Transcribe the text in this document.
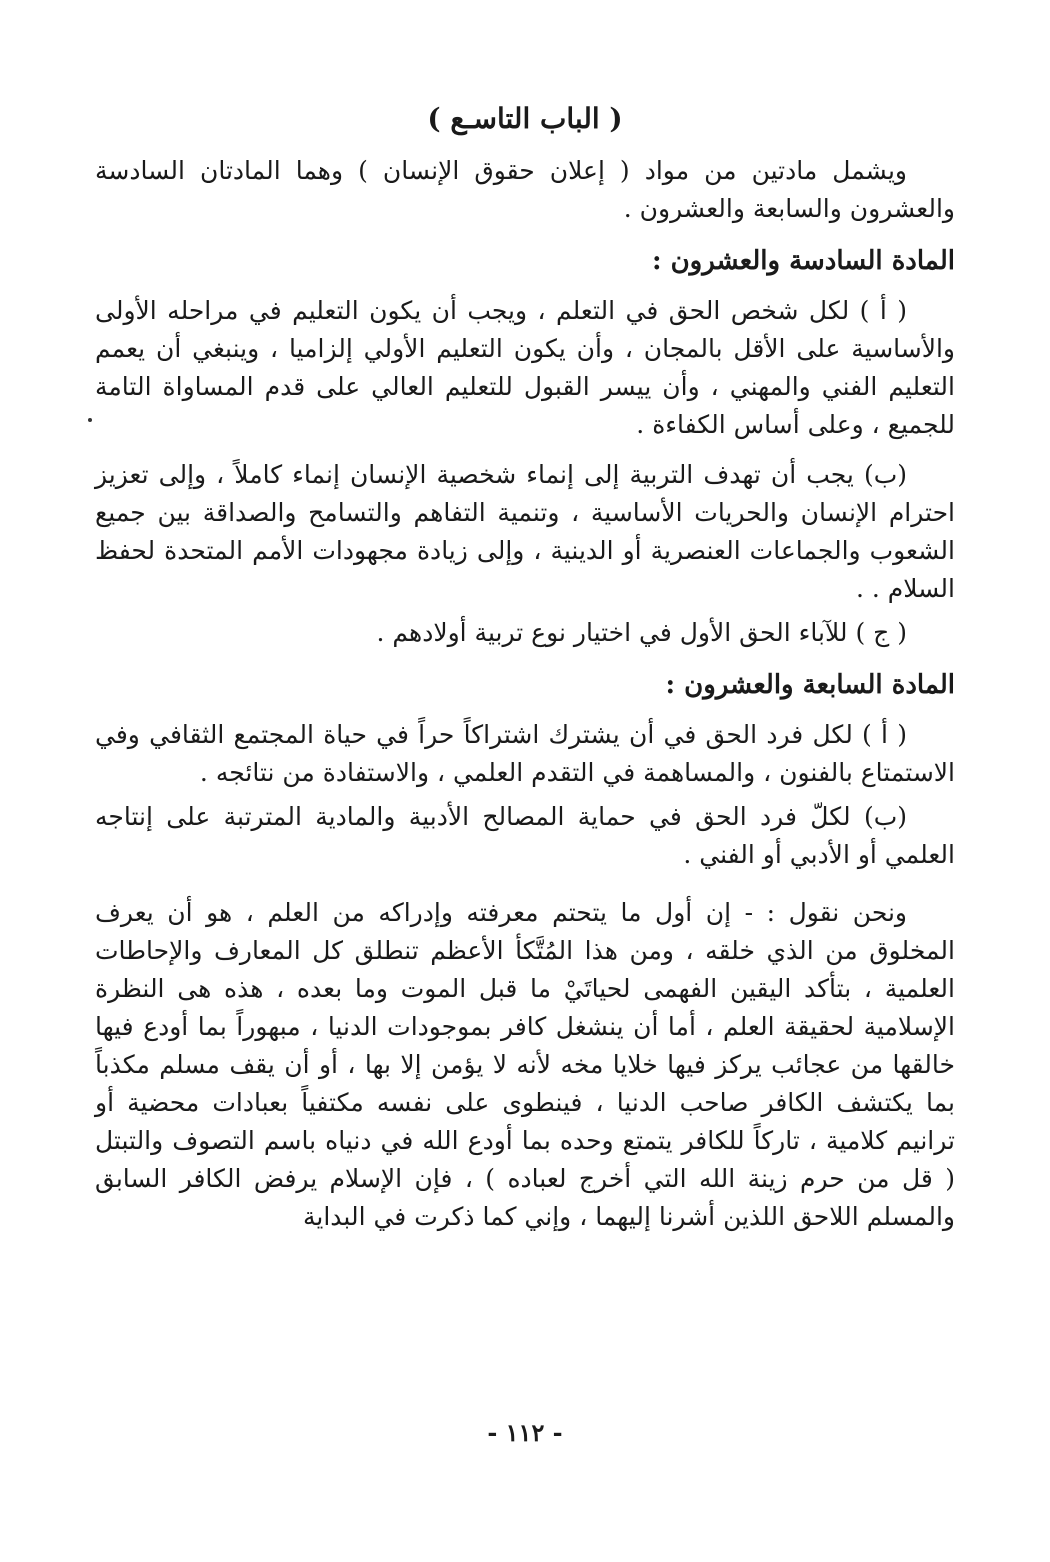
( الباب التاسـع )

ويشمل مادتين من مواد ( إعلان حقوق الإنسان ) وهما المادتان السادسة والعشرون والسابعة والعشرون .

المادة السادسة والعشرون :

( أ ) لكل شخص الحق في التعلم ، ويجب أن يكون التعليم في مراحله الأولى والأساسية على الأقل بالمجان ، وأن يكون التعليم الأولي إلزاميا ، وينبغي أن يعمم التعليم الفني والمهني ، وأن ييسر القبول للتعليم العالي على قدم المساواة التامة للجميع ، وعلى أساس الكفاءة .

(ب) يجب أن تهدف التربية إلى إنماء شخصية الإنسان إنماء كاملاً ، وإلى تعزيز احترام الإنسان والحريات الأساسية ، وتنمية التفاهم والتسامح والصداقة بين جميع الشعوب والجماعات العنصرية أو الدينية ، وإلى زيادة مجهودات الأمم المتحدة لحفظ السلام . .

( ج ) للآباء الحق الأول في اختيار نوع تربية أولادهم .

المادة السابعة والعشرون :

( أ ) لكل فرد الحق في أن يشترك اشتراكاً حراً في حياة المجتمع الثقافي وفي الاستمتاع بالفنون ، والمساهمة في التقدم العلمي ، والاستفادة من نتائجه .

(ب) لكلّ فرد الحق في حماية المصالح الأدبية والمادية المترتبة على إنتاجه العلمي أو الأدبي أو الفني .

ونحن نقول : - إن أول ما يتحتم معرفته وإدراكه من العلم ، هو أن يعرف المخلوق من الذي خلقه ، ومن هذا المُتَّكأ الأعظم تنطلق كل المعارف والإحاطات العلمية ، بتأكد اليقين الفهمى لحياتَيْ ما قبل الموت وما بعده ، هذه هى النظرة الإسلامية لحقيقة العلم ، أما أن ينشغل كافر بموجودات الدنيا ، مبهوراً بما أودع فيها خالقها من عجائب يركز فيها خلايا مخه لأنه لا يؤمن إلا بها ، أو أن يقف مسلم مكذباً بما يكتشف الكافر صاحب الدنيا ، فينطوى على نفسه مكتفياً بعبادات محضية أو ترانيم كلامية ، تاركاً للكافر يتمتع وحده بما أودع الله في دنياه باسم التصوف والتبتل ( قل من حرم زينة الله التي أخرج لعباده ) ، فإن الإسلام يرفض الكافر السابق والمسلم اللاحق اللذين أشرنا إليهما ، وإني كما ذكرت في البداية

- ١١٢ -
